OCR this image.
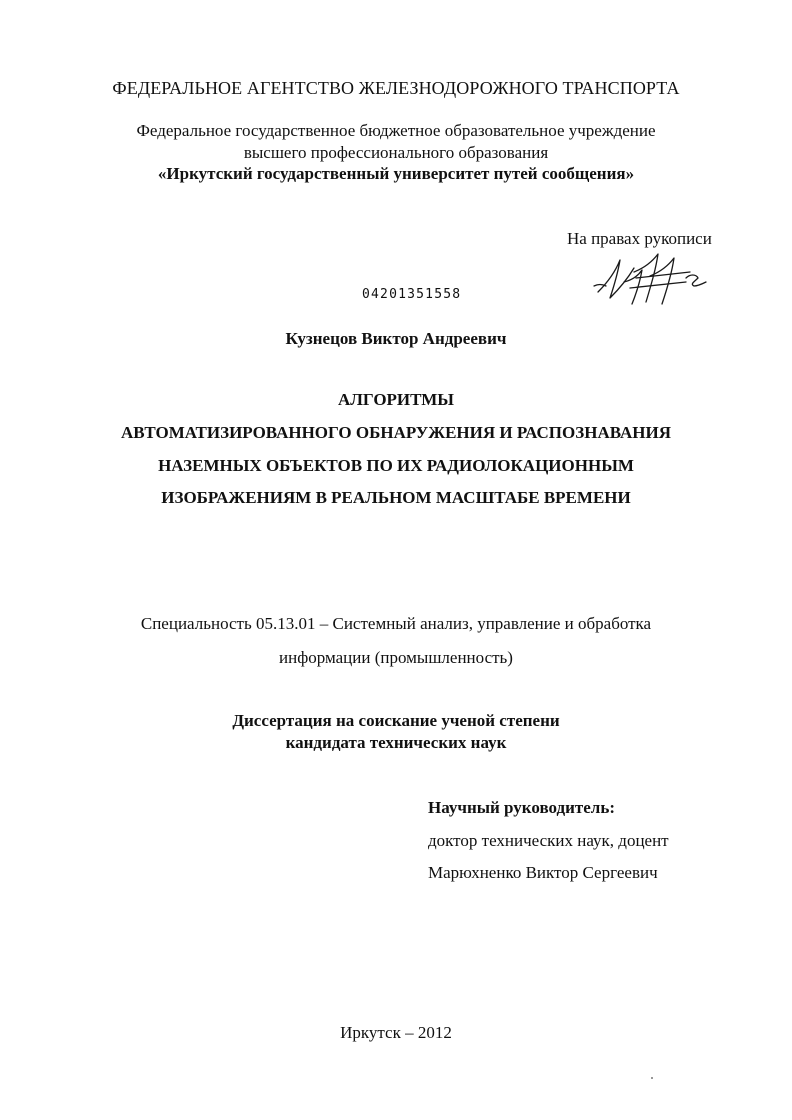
ФЕДЕРАЛЬНОЕ АГЕНТСТВО ЖЕЛЕЗНОДОРОЖНОГО ТРАНСПОРТА
Федеральное государственное бюджетное образовательное учреждение
высшего профессионального образования
«Иркутский государственный университет путей сообщения»
На правах рукописи
04201351558
Кузнецов Виктор Андреевич
АЛГОРИТМЫ
АВТОМАТИЗИРОВАННОГО ОБНАРУЖЕНИЯ И РАСПОЗНАВАНИЯ
НАЗЕМНЫХ ОБЪЕКТОВ ПО ИХ РАДИОЛОКАЦИОННЫМ
ИЗОБРАЖЕНИЯМ В РЕАЛЬНОМ МАСШТАБЕ ВРЕМЕНИ
Специальность 05.13.01 – Системный анализ, управление и обработка
информации (промышленность)
Диссертация на соискание ученой степени
кандидата технических наук
Научный руководитель:
доктор технических наук, доцент
Марюхненко Виктор Сергеевич
Иркутск – 2012
